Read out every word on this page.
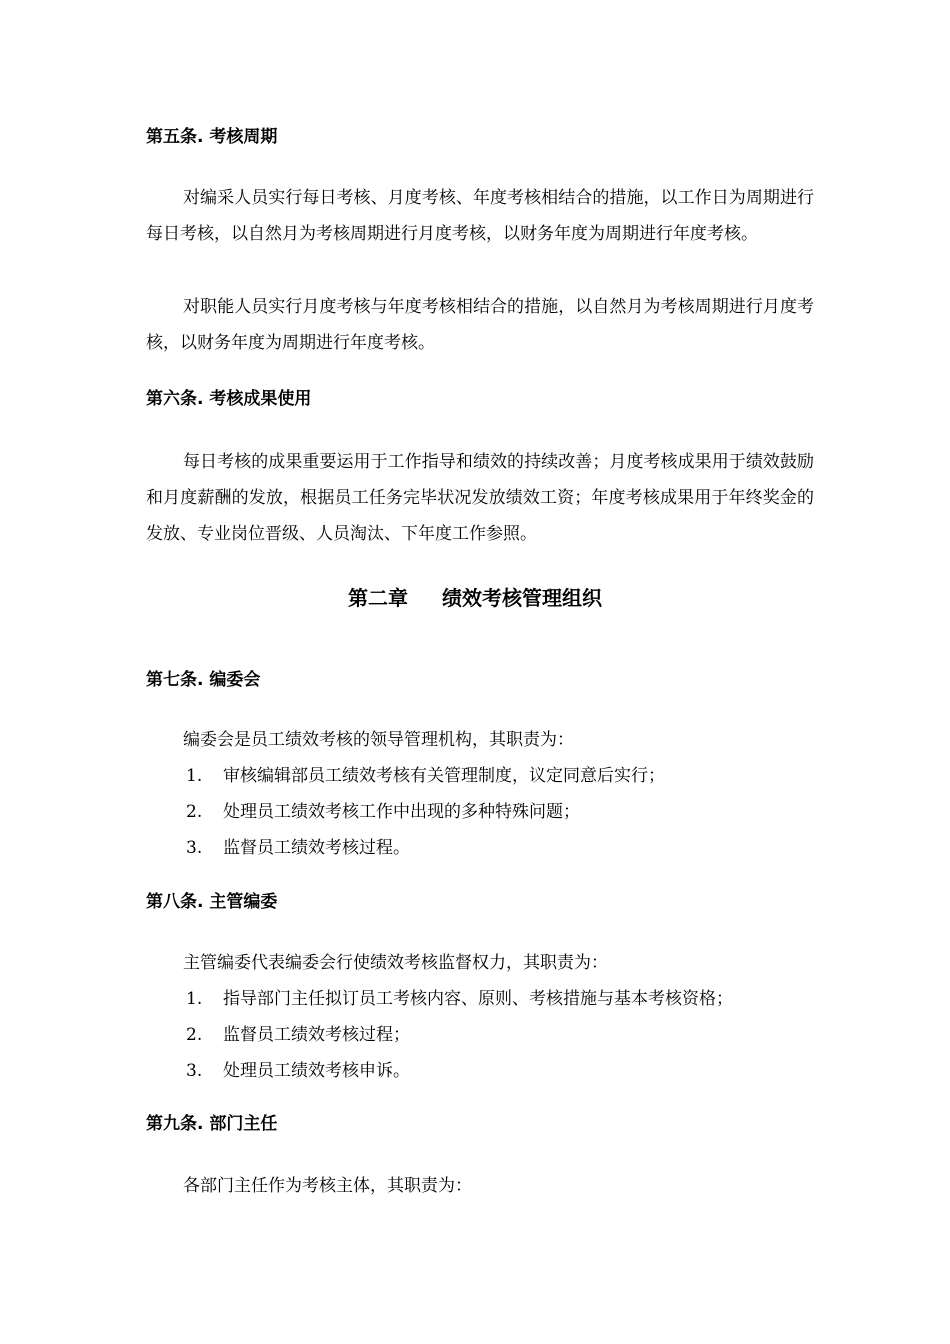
第五条. 考核周期

对编采人员实行每日考核、月度考核、年度考核相结合的措施，以工作日为周期进行每日考核，以自然月为考核周期进行月度考核，以财务年度为周期进行年度考核。

对职能人员实行月度考核与年度考核相结合的措施，以自然月为考核周期进行月度考核，以财务年度为周期进行年度考核。

第六条. 考核成果使用

每日考核的成果重要运用于工作指导和绩效的持续改善；月度考核成果用于绩效鼓励和月度薪酬的发放，根据员工任务完毕状况发放绩效工资；年度考核成果用于年终奖金的发放、专业岗位晋级、人员淘汰、下年度工作参照。

第二章 绩效考核管理组织
第七条. 编委会

编委会是员工绩效考核的领导管理机构，其职责为：

1. 审核编辑部员工绩效考核有关管理制度，议定同意后实行；
2. 处理员工绩效考核工作中出现的多种特殊问题；
3. 监督员工绩效考核过程。
第八条. 主管编委

主管编委代表编委会行使绩效考核监督权力，其职责为：

1. 指导部门主任拟订员工考核内容、原则、考核措施与基本考核资格；
2. 监督员工绩效考核过程；
3. 处理员工绩效考核申诉。
第九条. 部门主任

各部门主任作为考核主体，其职责为：
